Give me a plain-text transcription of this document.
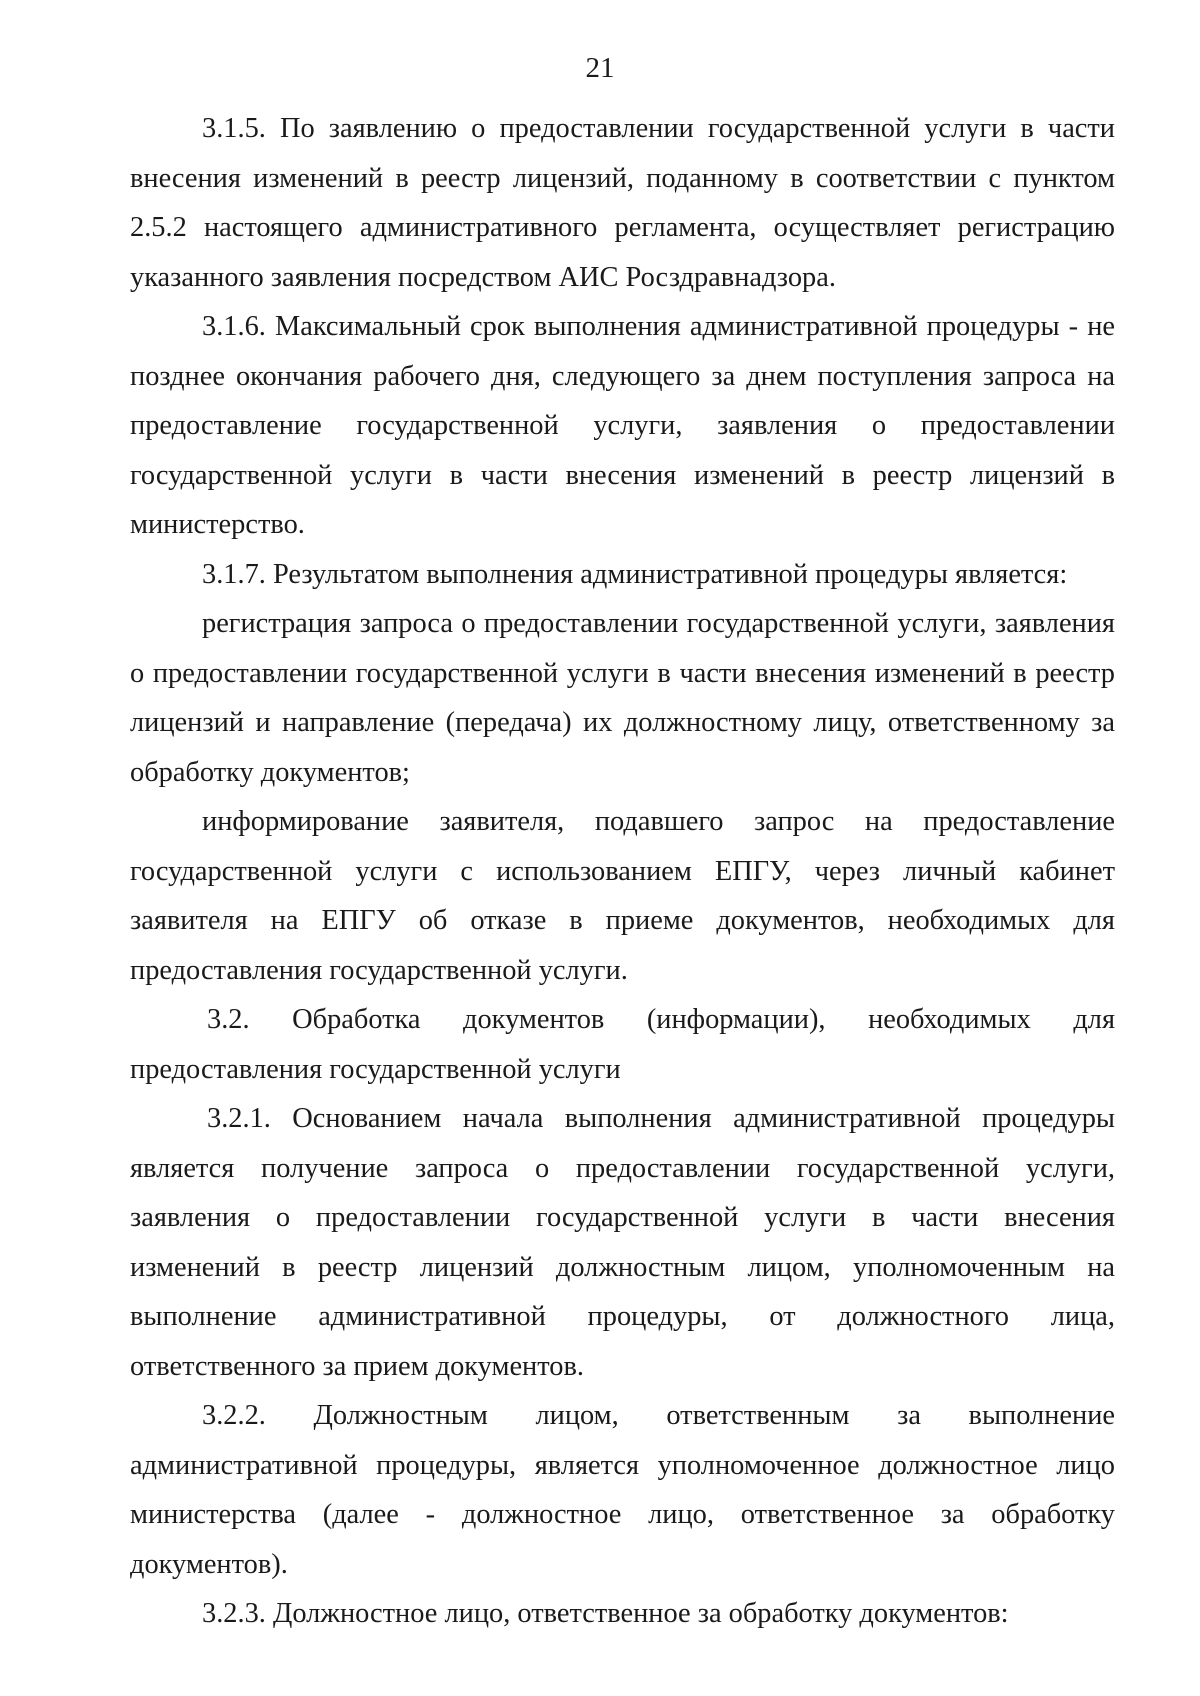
21

3.1.5. По заявлению о предоставлении государственной услуги в части внесения изменений в реестр лицензий, поданному в соответствии с пунктом 2.5.2 настоящего административного регламента, осуществляет регистрацию указанного заявления посредством АИС Росздравнадзора.

3.1.6. Максимальный срок выполнения административной процедуры - не позднее окончания рабочего дня, следующего за днем поступления запроса на предоставление государственной услуги, заявления о предоставлении государственной услуги в части внесения изменений в реестр лицензий в министерство.

3.1.7. Результатом выполнения административной процедуры является:

регистрация запроса о предоставлении государственной услуги, заявления о предоставлении государственной услуги в части внесения изменений в реестр лицензий и направление (передача) их должностному лицу, ответственному за обработку документов;

информирование заявителя, подавшего запрос на предоставление государственной услуги с использованием ЕПГУ, через личный кабинет заявителя на ЕПГУ об отказе в приеме документов, необходимых для предоставления государственной услуги.

3.2. Обработка документов (информации), необходимых для предоставления государственной услуги

3.2.1. Основанием начала выполнения административной процедуры является получение запроса о предоставлении государственной услуги, заявления о предоставлении государственной услуги в части внесения изменений в реестр лицензий должностным лицом, уполномоченным на выполнение административной процедуры, от должностного лица, ответственного за прием документов.

3.2.2. Должностным лицом, ответственным за выполнение административной процедуры, является уполномоченное должностное лицо министерства (далее - должностное лицо, ответственное за обработку документов).

3.2.3. Должностное лицо, ответственное за обработку документов:
